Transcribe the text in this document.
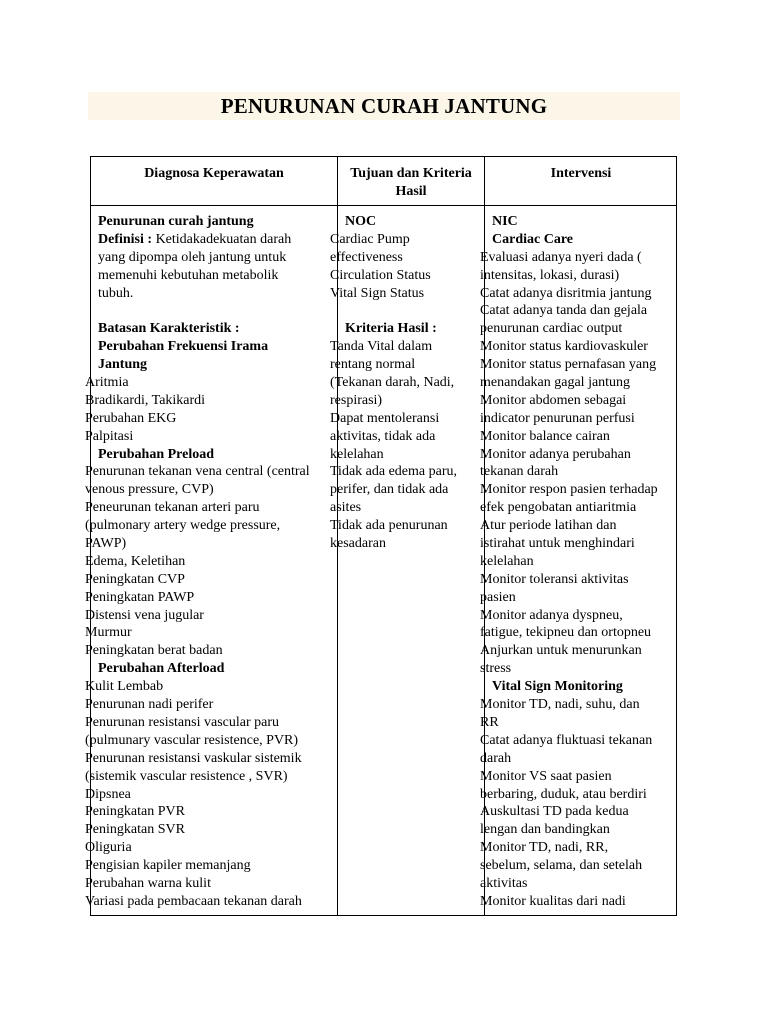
PENURUNAN CURAH JANTUNG
Diagnosa Keperawatan	Tujuan dan Kriteria Hasil
Intervensi
Penurunan curah jantung
Definisi : Ketidakadekuatan darah
yang dipompa oleh jantung untuk
memenuhi kebutuhan metabolik
tubuh.
Batasan Karakteristik :
Perubahan Frekuensi Irama
Jantung
Aritmia
Bradikardi, Takikardi
Perubahan EKG
Palpitasi
Perubahan Preload
Penurunan tekanan vena central (central
venous pressure, CVP)
Peneurunan tekanan arteri paru
(pulmonary artery wedge pressure,
PAWP)
Edema, Keletihan
Peningkatan CVP
Peningkatan PAWP
Distensi vena jugular
Murmur
Peningkatan berat badan
Perubahan Afterload
Kulit Lembab
Penurunan nadi perifer
Penurunan resistansi vascular paru
(pulmunary vascular resistence, PVR)
Penurunan resistansi vaskular sistemik
(sistemik vascular resistence , SVR)
Dipsnea
Peningkatan PVR
Peningkatan SVR
Oliguria
Pengisian kapiler memanjang
Perubahan warna kulit
Variasi pada pembacaan tekanan darah
NOC
Cardiac Pump
effectiveness
Circulation Status
Vital Sign Status
Kriteria Hasil :
Tanda Vital dalam
rentang normal
(Tekanan darah, Nadi,
respirasi)
Dapat mentoleransi
aktivitas, tidak ada
kelelahan
Tidak ada edema paru,
perifer, dan tidak ada
asites
Tidak ada penurunan
kesadaran
NIC
Cardiac Care
Evaluasi adanya nyeri dada (
intensitas, lokasi, durasi)
Catat adanya disritmia jantung
Catat adanya tanda dan gejala
penurunan cardiac output
Monitor status kardiovaskuler
Monitor status pernafasan yang
menandakan gagal jantung
Monitor abdomen sebagai
indicator penurunan perfusi
Monitor balance cairan
Monitor adanya perubahan
tekanan darah
Monitor respon pasien terhadap
efek pengobatan antiaritmia
Atur periode latihan dan
istirahat untuk menghindari
kelelahan
Monitor toleransi aktivitas
pasien
Monitor adanya dyspneu,
fatigue, tekipneu dan ortopneu
Anjurkan untuk menurunkan
stress
Vital Sign Monitoring
Monitor TD, nadi, suhu, dan
RR
Catat adanya fluktuasi tekanan
darah
Monitor VS saat pasien
berbaring, duduk, atau berdiri
Auskultasi TD pada kedua
lengan dan bandingkan
Monitor TD, nadi, RR,
sebelum, selama, dan setelah
aktivitas
Monitor kualitas dari nadi
